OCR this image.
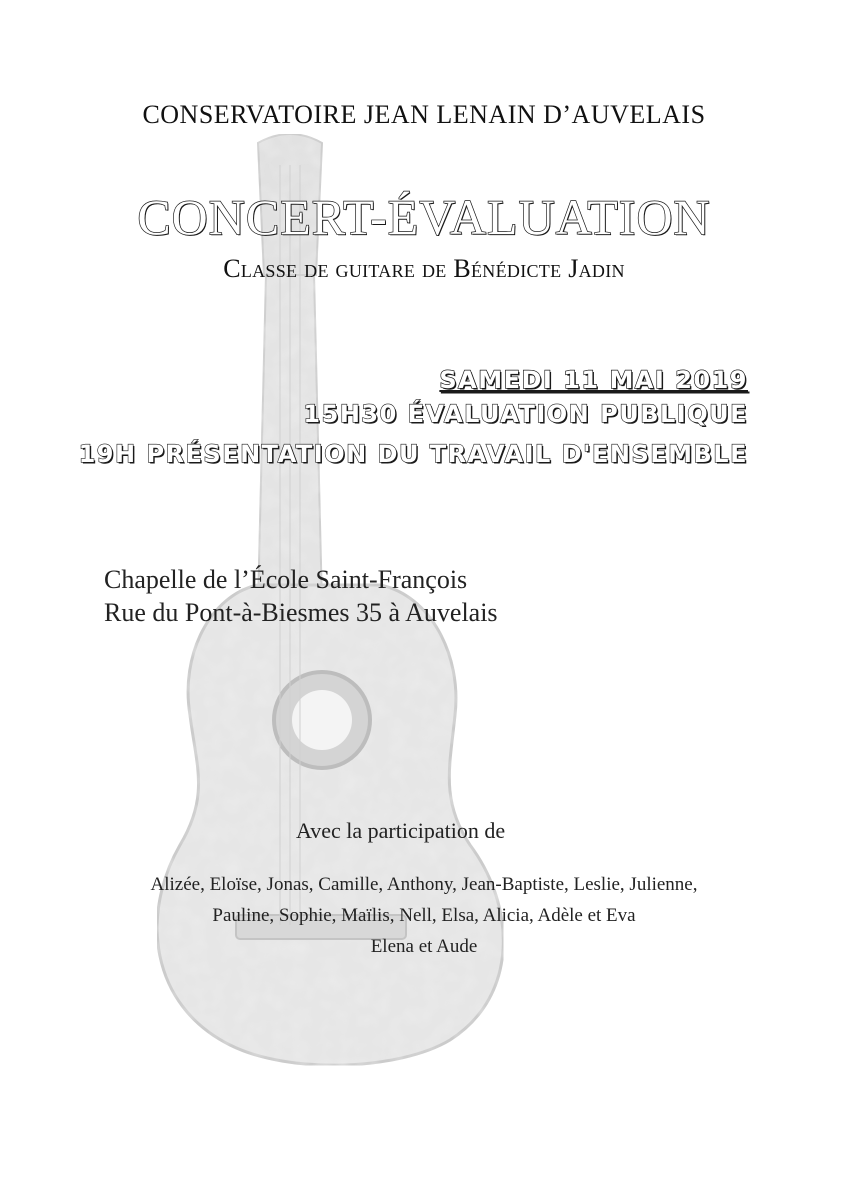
CONSERVATOIRE JEAN LENAIN D’AUVELAIS
CONCERT-ÉVALUATION
Classe de guitare de Bénédicte Jadin
SAMEDI 11 MAI 2019
15H30 ÉVALUATION PUBLIQUE
19H PRÉSENTATION DU TRAVAIL D'ENSEMBLE
Chapelle de l’École Saint-François
Rue du Pont-à-Biesmes 35 à Auvelais
Avec la participation de
Alizée, Eloïse, Jonas, Camille, Anthony, Jean-Baptiste, Leslie, Julienne,
Pauline, Sophie, Maïlis, Nell, Elsa, Alicia, Adèle et Eva
Elena et Aude
